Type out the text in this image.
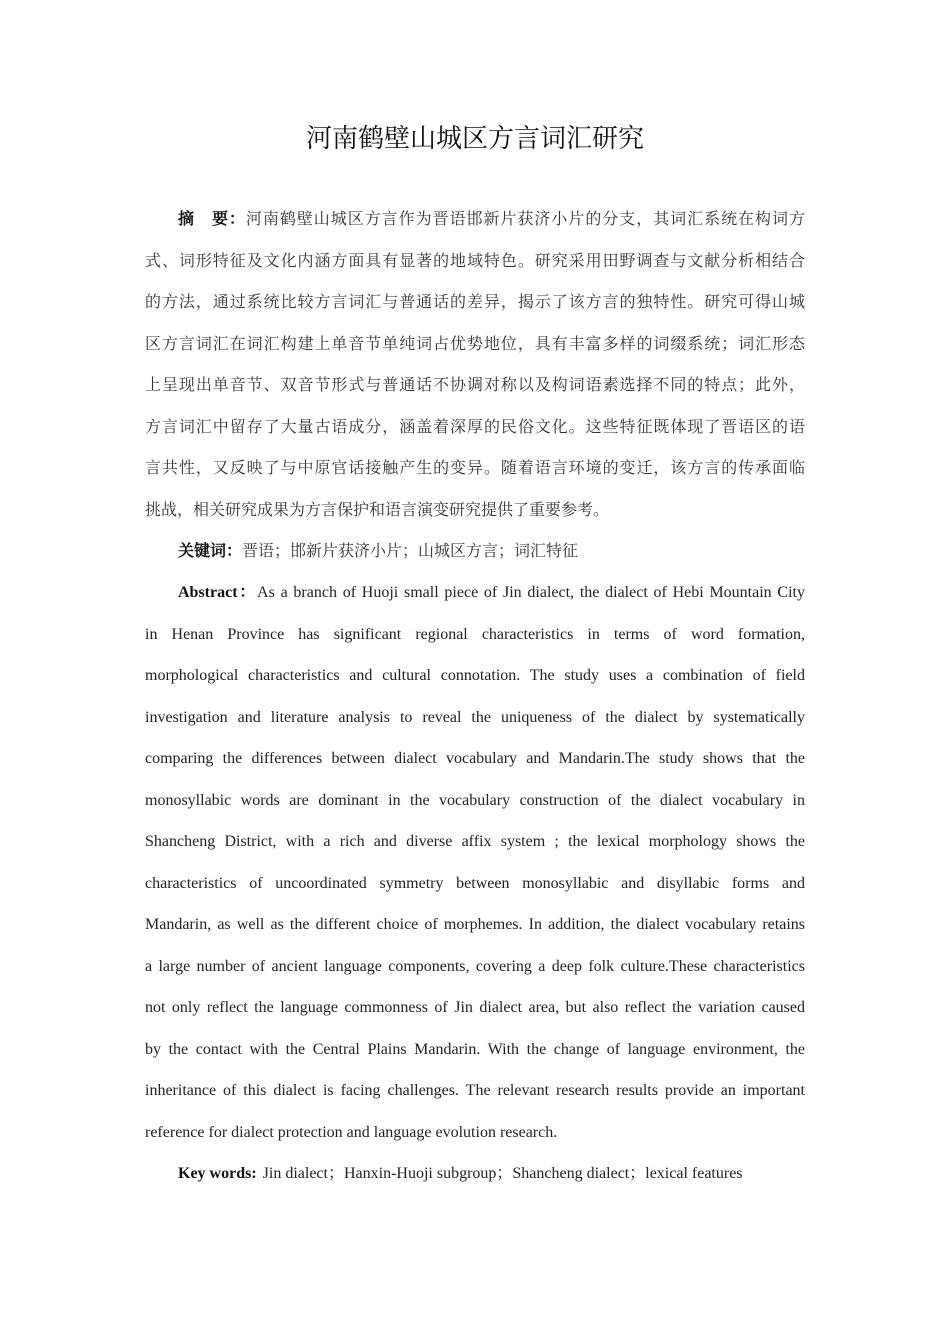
河南鹤壁山城区方言词汇研究
摘　要：河南鹤壁山城区方言作为晋语邯新片获济小片的分支，其词汇系统在构词方
式、词形特征及文化内涵方面具有显著的地域特色。研究采用田野调查与文献分析相结合
的方法，通过系统比较方言词汇与普通话的差异，揭示了该方言的独特性。研究可得山城
区方言词汇在词汇构建上单音节单纯词占优势地位，具有丰富多样的词缀系统；词汇形态
上呈现出单音节、双音节形式与普通话不协调对称以及构词语素选择不同的特点；此外，
方言词汇中留存了大量古语成分，涵盖着深厚的民俗文化。这些特征既体现了晋语区的语
言共性，又反映了与中原官话接触产生的变异。随着语言环境的变迁，该方言的传承面临
挑战，相关研究成果为方言保护和语言演变研究提供了重要参考。
关键词：晋语；邯新片获济小片；山城区方言；词汇特征
Abstract：As a branch of Huoji small piece of Jin dialect, the dialect of Hebi Mountain City
in Henan Province has significant regional characteristics in terms of word formation,
morphological characteristics and cultural connotation. The study uses a combination of field
investigation and literature analysis to reveal the uniqueness of the dialect by systematically
comparing the differences between dialect vocabulary and Mandarin.The study shows that the
monosyllabic words are dominant in the vocabulary construction of the dialect vocabulary in
Shancheng District, with a rich and diverse affix system ; the lexical morphology shows the
characteristics of uncoordinated symmetry between monosyllabic and disyllabic forms and
Mandarin, as well as the different choice of morphemes. In addition, the dialect vocabulary retains
a large number of ancient language components, covering a deep folk culture.These characteristics
not only reflect the language commonness of Jin dialect area, but also reflect the variation caused
by the contact with the Central Plains Mandarin. With the change of language environment, the
inheritance of this dialect is facing challenges. The relevant research results provide an important
reference for dialect protection and language evolution research.
Key words: Jin dialect；Hanxin-Huoji subgroup；Shancheng dialect；lexical features
